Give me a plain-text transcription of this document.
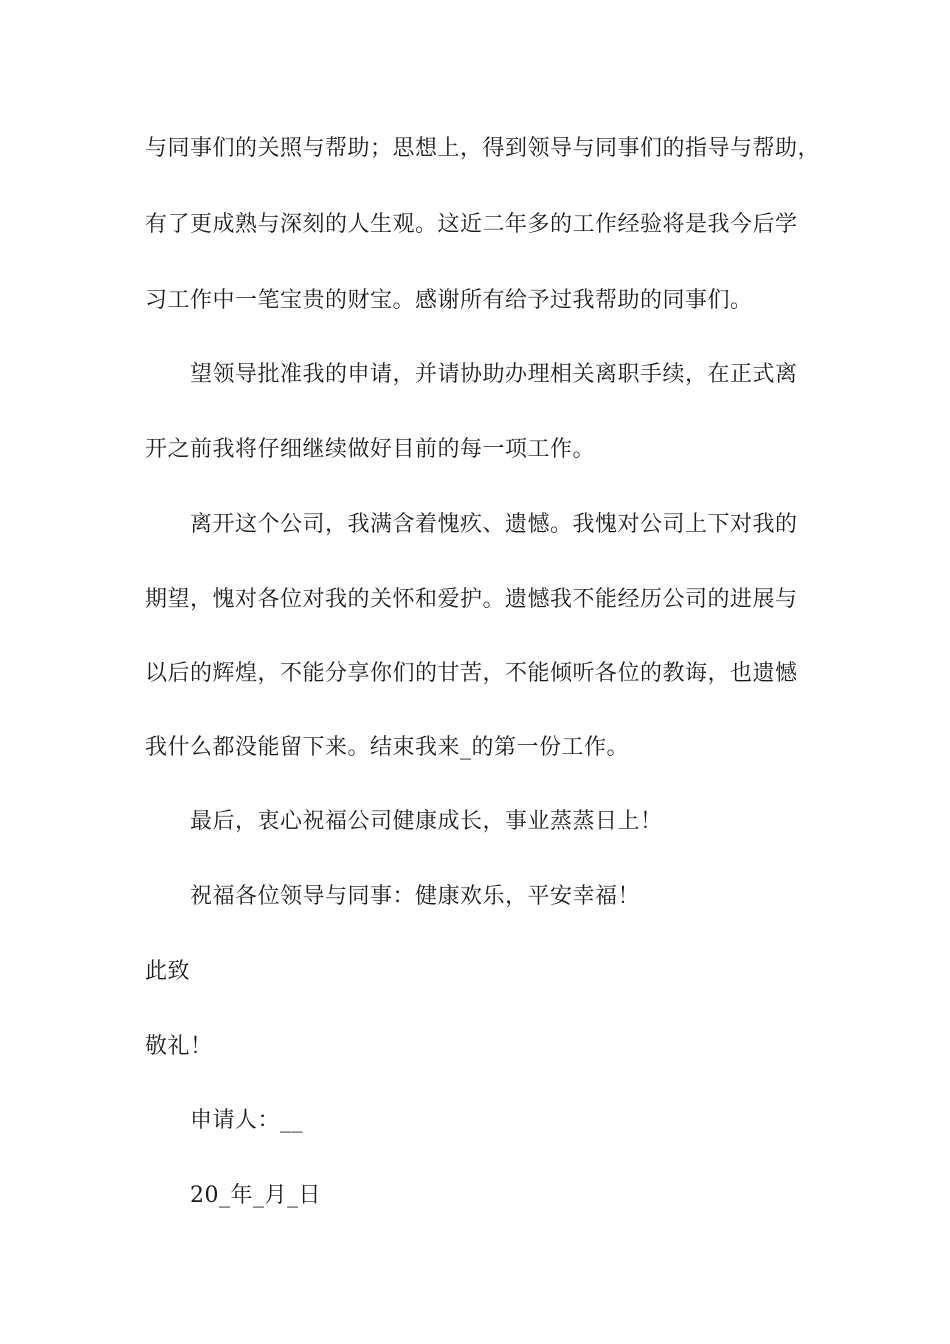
与同事们的关照与帮助；思想上，得到领导与同事们的指导与帮助，
有了更成熟与深刻的人生观。这近二年多的工作经验将是我今后学
习工作中一笔宝贵的财宝。感谢所有给予过我帮助的同事们。
望领导批准我的申请，并请协助办理相关离职手续，在正式离
开之前我将仔细继续做好目前的每一项工作。
离开这个公司，我满含着愧疚、遗憾。我愧对公司上下对我的
期望，愧对各位对我的关怀和爱护。遗憾我不能经历公司的进展与
以后的辉煌，不能分享你们的甘苦，不能倾听各位的教诲，也遗憾
我什么都没能留下来。结束我来_的第一份工作。
最后，衷心祝福公司健康成长，事业蒸蒸日上！
祝福各位领导与同事：健康欢乐，平安幸福！
此致
敬礼！
申请人：__
20_年_月_日
